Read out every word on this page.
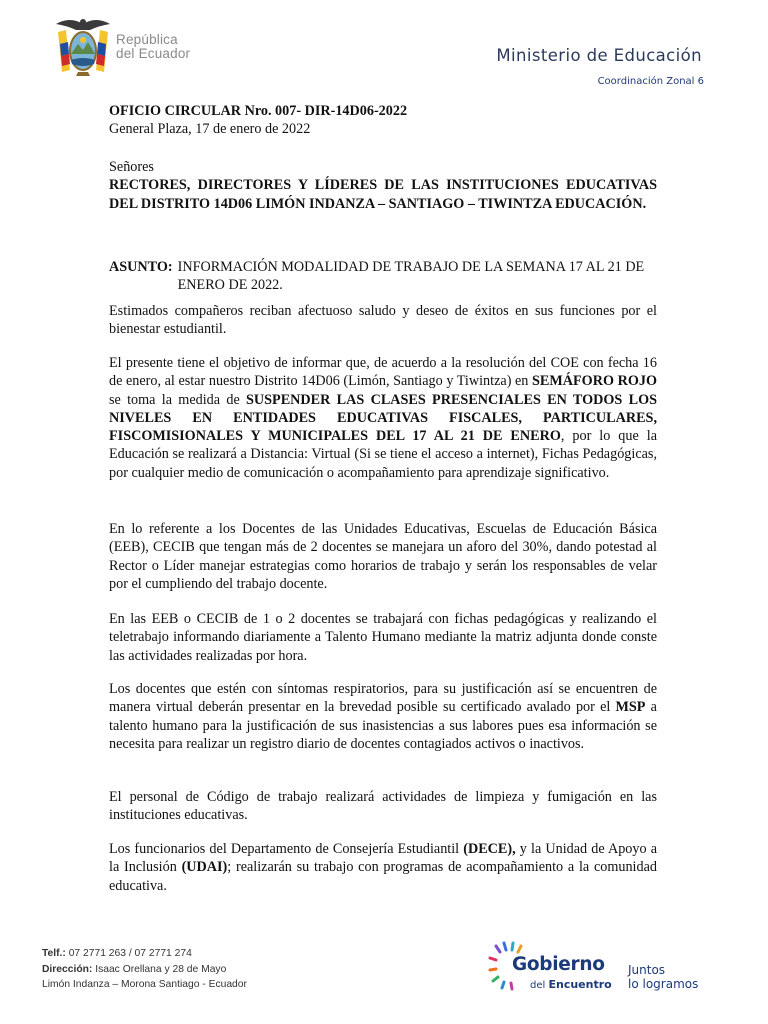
República
del Ecuador	Ministerio de Educación
Coordinación Zonal 6

OFICIO CIRCULAR Nro. 007- DIR-14D06-2022

General Plaza, 17 de enero de 2022

Señores

RECTORES, DIRECTORES Y LÍDERES DE LAS INSTITUCIONES EDUCATIVAS DEL DISTRITO 14D06 LIMÓN INDANZA – SANTIAGO – TIWINTZA EDUCACIÓN.

ASUNTO: INFORMACIÓN MODALIDAD DE TRABAJO DE LA SEMANA 17 AL 21 DE ENERO DE 2022.

Estimados compañeros reciban afectuoso saludo y deseo de éxitos en sus funciones por el bienestar estudiantil.

El presente tiene el objetivo de informar que, de acuerdo a la resolución del COE con fecha 16 de enero, al estar nuestro Distrito 14D06 (Limón, Santiago y Tiwintza) en SEMÁFORO ROJO se toma la medida de SUSPENDER LAS CLASES PRESENCIALES EN TODOS LOS NIVELES EN ENTIDADES EDUCATIVAS FISCALES, PARTICULARES, FISCOMISIONALES Y MUNICIPALES DEL 17 AL 21 DE ENERO, por lo que la Educación se realizará a Distancia: Virtual (Si se tiene el acceso a internet), Fichas Pedagógicas, por cualquier medio de comunicación o acompañamiento para aprendizaje significativo.

En lo referente a los Docentes de las Unidades Educativas, Escuelas de Educación Básica (EEB), CECIB que tengan más de 2 docentes se manejara un aforo del 30%, dando potestad al Rector o Líder manejar estrategias como horarios de trabajo y serán los responsables de velar por el cumpliendo del trabajo docente.

En las EEB o CECIB de 1 o 2 docentes se trabajará con fichas pedagógicas y realizando el teletrabajo informando diariamente a Talento Humano mediante la matriz adjunta donde conste las actividades realizadas por hora.

Los docentes que estén con síntomas respiratorios, para su justificación así se encuentren de manera virtual deberán presentar en la brevedad posible su certificado avalado por el MSP a talento humano para la justificación de sus inasistencias a sus labores pues esa información se necesita para realizar un registro diario de docentes contagiados activos o inactivos.

El personal de Código de trabajo realizará actividades de limpieza y fumigación en las instituciones educativas.

Los funcionarios del Departamento de Consejería Estudiantil (DECE), y la Unidad de Apoyo a la Inclusión (UDAI); realizarán su trabajo con programas de acompañamiento a la comunidad educativa.

Telf.: 07 2771 263 / 07 2771 274
Dirección: Isaac Orellana y 28 de Mayo
Limón Indanza – Morona Santiago - Ecuador
Gobierno
del Encuentro
Juntos
lo logramos
